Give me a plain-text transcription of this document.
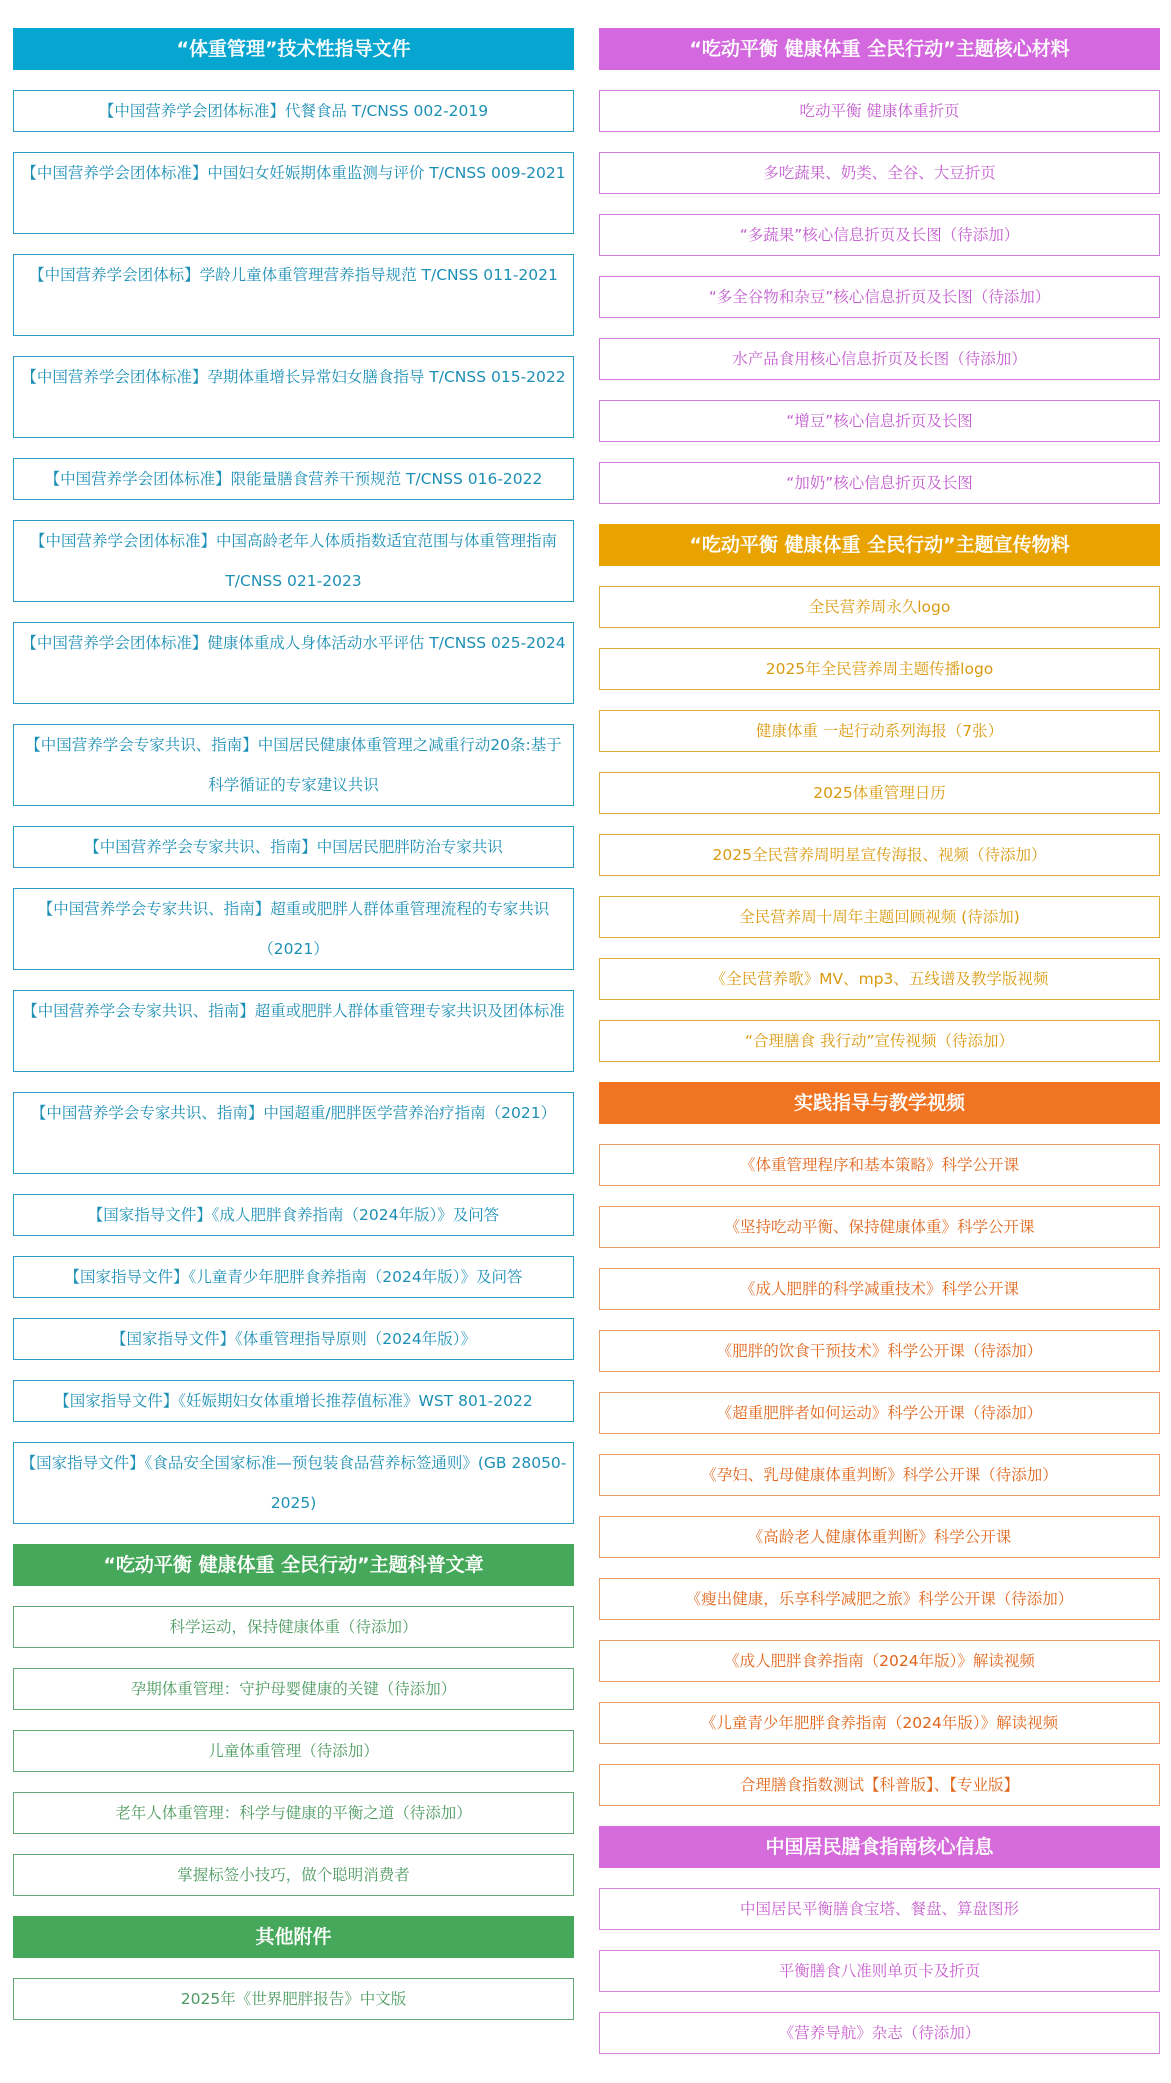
“体重管理”技术性指导文件
【中国营养学会团体标准】代餐食品 T/CNSS 002-2019
【中国营养学会团体标准】中国妇女妊娠期体重监测与评价 T/CNSS 009-2021
【中国营养学会团体标】学龄儿童体重管理营养指导规范 T/CNSS 011-2021
【中国营养学会团体标准】孕期体重增长异常妇女膳食指导 T/CNSS 015-2022
【中国营养学会团体标准】限能量膳食营养干预规范 T/CNSS 016-2022
【中国营养学会团体标准】中国高龄老年人体质指数适宜范围与体重管理指南 T/CNSS 021-2023
【中国营养学会团体标准】健康体重成人身体活动水平评估 T/CNSS 025-2024
【中国营养学会专家共识、指南】中国居民健康体重管理之减重行动20条:基于科学循证的专家建议共识
【中国营养学会专家共识、指南】中国居民肥胖防治专家共识
【中国营养学会专家共识、指南】超重或肥胖人群体重管理流程的专家共识（2021）
【中国营养学会专家共识、指南】超重或肥胖人群体重管理专家共识及团体标准
【中国营养学会专家共识、指南】中国超重/肥胖医学营养治疗指南（2021）
【国家指导文件】《成人肥胖食养指南（2024年版）》及问答
【国家指导文件】《儿童青少年肥胖食养指南（2024年版）》及问答
【国家指导文件】《体重管理指导原则（2024年版）》
【国家指导文件】《妊娠期妇女体重增长推荐值标准》WST 801-2022
【国家指导文件】《食品安全国家标准—预包装食品营养标签通则》(GB 28050-2025)
“吃动平衡 健康体重 全民行动”主题科普文章
科学运动，保持健康体重（待添加）
孕期体重管理：守护母婴健康的关键（待添加）
儿童体重管理（待添加）
老年人体重管理：科学与健康的平衡之道（待添加）
掌握标签小技巧，做个聪明消费者
其他附件
2025年《世界肥胖报告》中文版
“吃动平衡 健康体重 全民行动”主题核心材料
吃动平衡 健康体重折页
多吃蔬果、奶类、全谷、大豆折页
“多蔬果”核心信息折页及长图（待添加）
“多全谷物和杂豆”核心信息折页及长图（待添加）
水产品食用核心信息折页及长图（待添加）
“增豆”核心信息折页及长图
“加奶”核心信息折页及长图
“吃动平衡 健康体重 全民行动”主题宣传物料
全民营养周永久logo
2025年全民营养周主题传播logo
健康体重 一起行动系列海报（7张）
2025体重管理日历
2025全民营养周明星宣传海报、视频（待添加）
全民营养周十周年主题回顾视频 (待添加)
《全民营养歌》MV、mp3、五线谱及教学版视频
“合理膳食 我行动”宣传视频（待添加）
实践指导与教学视频
《体重管理程序和基本策略》科学公开课
《坚持吃动平衡、保持健康体重》科学公开课
《成人肥胖的科学减重技术》科学公开课
《肥胖的饮食干预技术》科学公开课（待添加）
《超重肥胖者如何运动》科学公开课（待添加）
《孕妇、乳母健康体重判断》科学公开课（待添加）
《高龄老人健康体重判断》科学公开课
《瘦出健康，乐享科学减肥之旅》科学公开课（待添加）
《成人肥胖食养指南（2024年版）》解读视频
《儿童青少年肥胖食养指南（2024年版）》解读视频
合理膳食指数测试【科普版】、【专业版】
中国居民膳食指南核心信息
中国居民平衡膳食宝塔、餐盘、算盘图形
平衡膳食八准则单页卡及折页
《营养导航》杂志（待添加）
